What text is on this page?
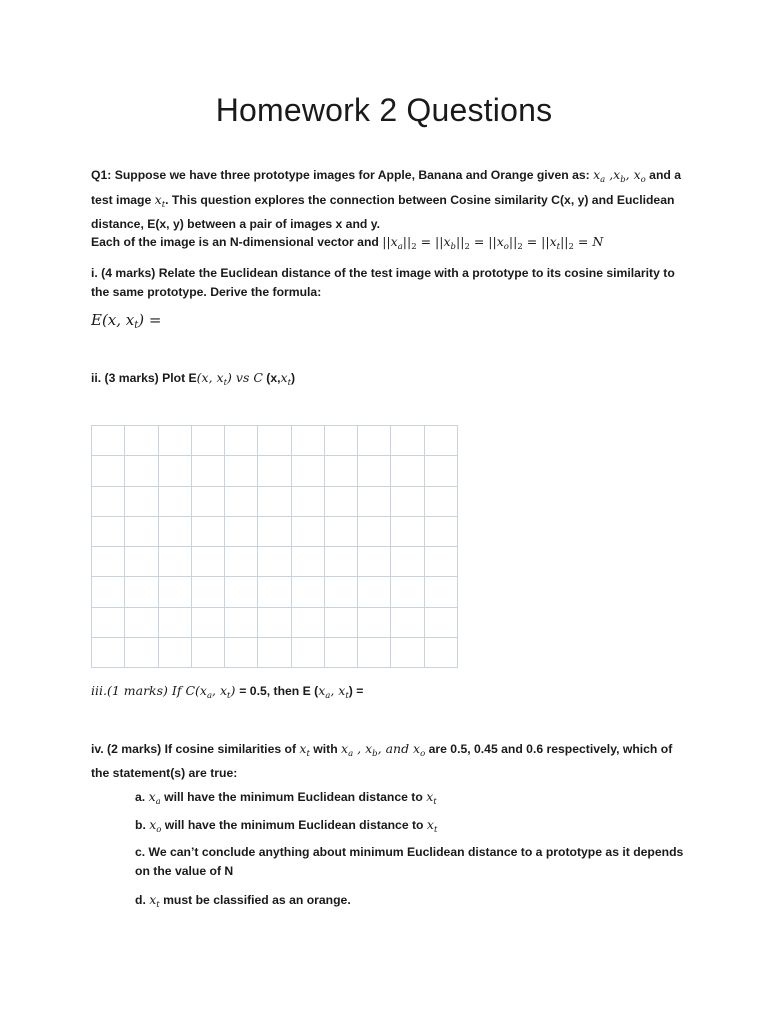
Homework 2 Questions
Q1: Suppose we have three prototype images for Apple, Banana and Orange given as: $x_a$ $,x_b$, $x_o$ and a test image $x_t$. This question explores the connection between Cosine similarity C(x, y) and Euclidean distance, E(x, y) between a pair of images x and y.
Each of the image is an N-dimensional vector and $||x_a||_2 = ||x_b||_2 = ||x_o||_2 = ||x_t||_2 = N$
i. (4 marks) Relate the Euclidean distance of the test image with a prototype to its cosine similarity to the same prototype. Derive the formula:
E(x, $x_t$) =
ii. (3 marks) Plot E(x, $x_t$) vs C $(x,x_t)$
iii.(1 marks) If $C(x_a$, $x_t) = 0.5$, then E ($x_a$, $x_t$) =
iv. (2 marks) If cosine similarities of $x_t$ with $x_a$ , $x_b$, and $x_o$ are 0.5, 0.45 and 0.6 respectively, which of the statement(s) are true:
a. $x_a$ will have the minimum Euclidean distance to $x_t$
b. $x_o$ will have the minimum Euclidean distance to $x_t$
c. We can’t conclude anything about minimum Euclidean distance to a prototype as it depends on the value of N
d. $x_t$ must be classified as an orange.
